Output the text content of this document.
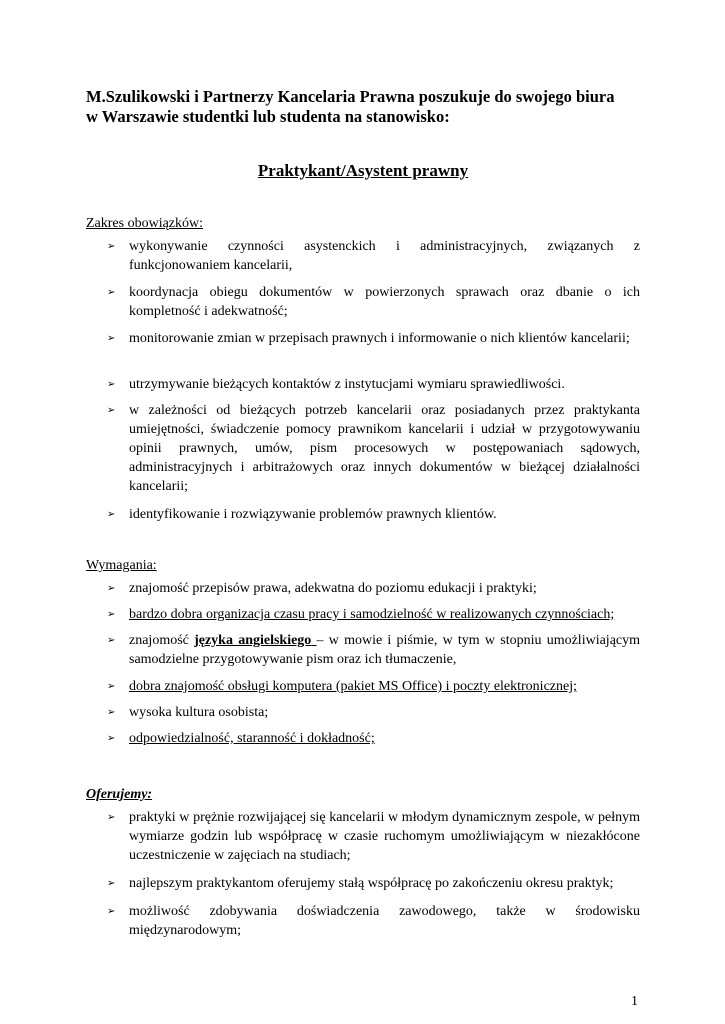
M.Szulikowski i Partnerzy Kancelaria Prawna poszukuje do swojego biura
w Warszawie studentki lub studenta na stanowisko:
Praktykant/Asystent prawny
Zakres obowiązków:
➢ wykonywanie czynności asystenckich i administracyjnych, związanych z funkcjonowaniem kancelarii,
➢ koordynacja obiegu dokumentów w powierzonych sprawach oraz dbanie o ich kompletność i adekwatność;
➢ monitorowanie zmian w przepisach prawnych i informowanie o nich klientów kancelarii;
➢ utrzymywanie bieżących kontaktów z instytucjami wymiaru sprawiedliwości.
➢ w zależności od bieżących potrzeb kancelarii oraz posiadanych przez praktykanta umiejętności, świadczenie pomocy prawnikom kancelarii i udział w przygotowywaniu opinii prawnych, umów, pism procesowych w postępowaniach sądowych, administracyjnych i arbitrażowych oraz innych dokumentów w bieżącej działalności kancelarii;
➢ identyfikowanie i rozwiązywanie problemów prawnych klientów.
Wymagania:
➢ znajomość przepisów prawa, adekwatna do poziomu edukacji i praktyki;
➢ bardzo dobra organizacja czasu pracy i samodzielność w realizowanych czynnościach;
➢ znajomość języka angielskiego – w mowie i piśmie, w tym w stopniu umożliwiającym samodzielne przygotowywanie pism oraz ich tłumaczenie,
➢ dobra znajomość obsługi komputera (pakiet MS Office) i poczty elektronicznej;
➢ wysoka kultura osobista;
➢ odpowiedzialność, staranność i dokładność;
Oferujemy:
➢ praktyki w prężnie rozwijającej się kancelarii w młodym dynamicznym zespole, w pełnym wymiarze godzin lub współpracę w czasie ruchomym umożliwiającym w niezakłócone uczestniczenie w zajęciach na studiach;
➢ najlepszym praktykantom oferujemy stałą współpracę po zakończeniu okresu praktyk;
➢ możliwość zdobywania doświadczenia zawodowego, także w środowisku międzynarodowym;
1
